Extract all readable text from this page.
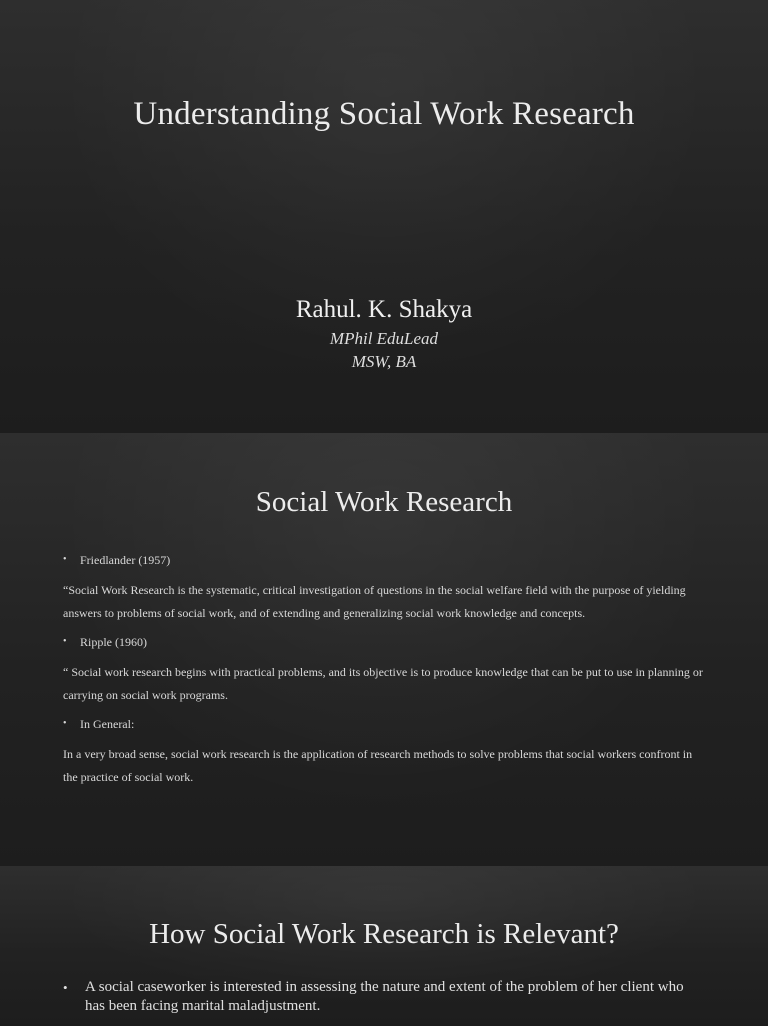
Understanding Social Work Research
Rahul. K. Shakya
MPhil EduLead
MSW, BA
Social Work Research
• Friedlander (1957)
“Social Work Research is the systematic, critical investigation of questions in the social welfare field with the purpose of yielding answers to problems of social work, and of extending and generalizing social work knowledge and concepts.
• Ripple (1960)
“ Social work research begins with practical problems, and its objective is to produce knowledge that can be put to use in planning or carrying on social work programs.
• In General:
In a very broad sense, social work research is the application of research methods to solve problems that social workers confront in the practice of social work.
How Social Work Research is Relevant?
• A social caseworker is interested in assessing the nature and extent of the problem of her client who has been facing marital maladjustment.
